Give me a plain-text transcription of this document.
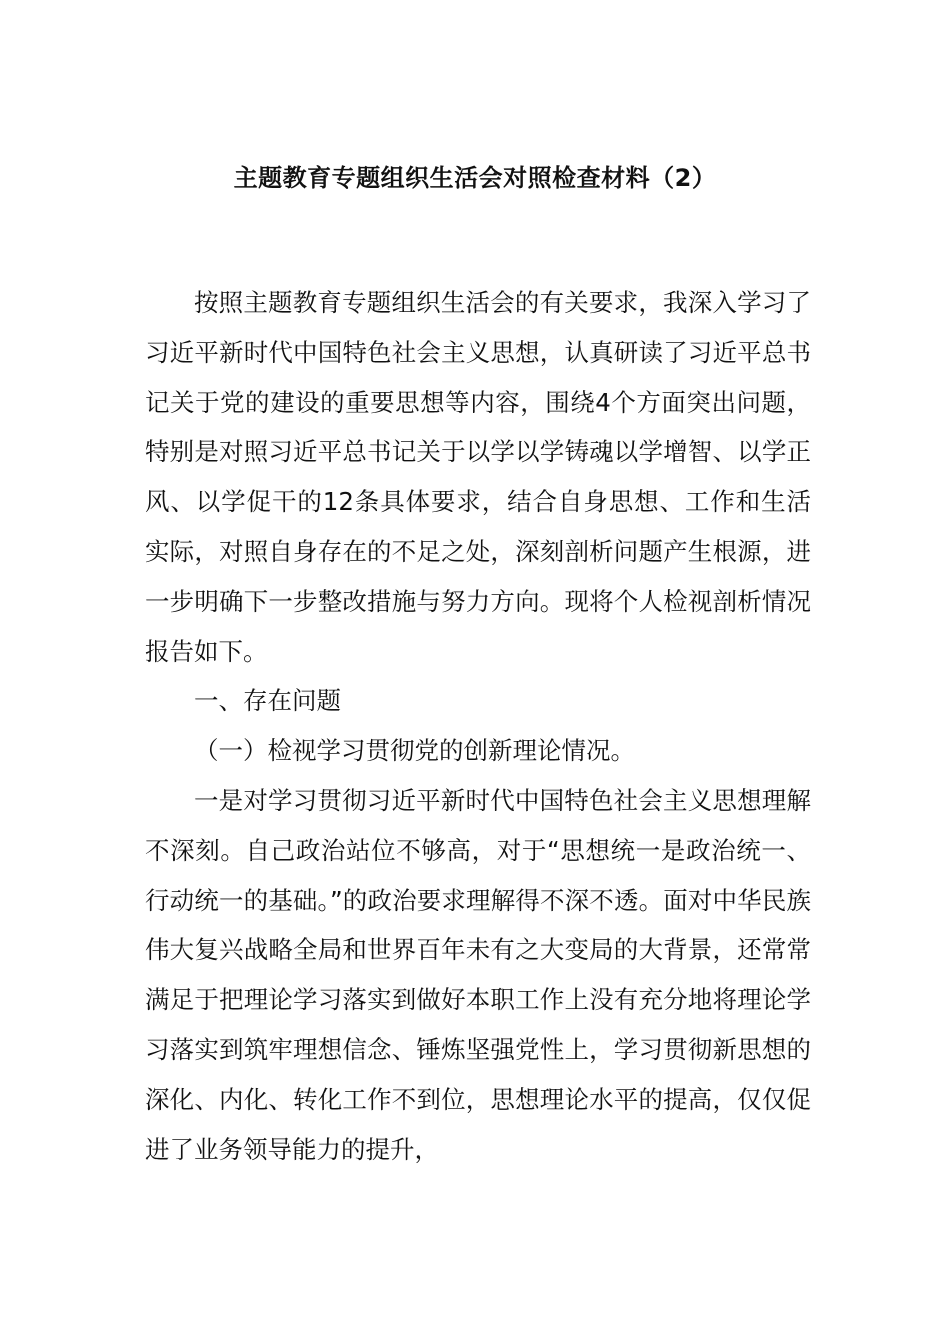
主题教育专题组织生活会对照检查材料（2）

按照主题教育专题组织生活会的有关要求，我深入学习了习近平新时代中国特色社会主义思想，认真研读了习近平总书记关于党的建设的重要思想等内容，围绕4个方面突出问题，特别是对照习近平总书记关于以学以学铸魂以学增智、以学正风、以学促干的12条具体要求，结合自身思想、工作和生活实际，对照自身存在的不足之处，深刻剖析问题产生根源，进一步明确下一步整改措施与努力方向。现将个人检视剖析情况报告如下。

一、存在问题

（一）检视学习贯彻党的创新理论情况。

一是对学习贯彻习近平新时代中国特色社会主义思想理解不深刻。自己政治站位不够高，对于“思想统一是政治统一、行动统一的基础。”的政治要求理解得不深不透。面对中华民族伟大复兴战略全局和世界百年未有之大变局的大背景，还常常满足于把理论学习落实到做好本职工作上没有充分地将理论学习落实到筑牢理想信念、锤炼坚强党性上，学习贯彻新思想的深化、内化、转化工作不到位，思想理论水平的提高，仅仅促进了业务领导能力的提升，
